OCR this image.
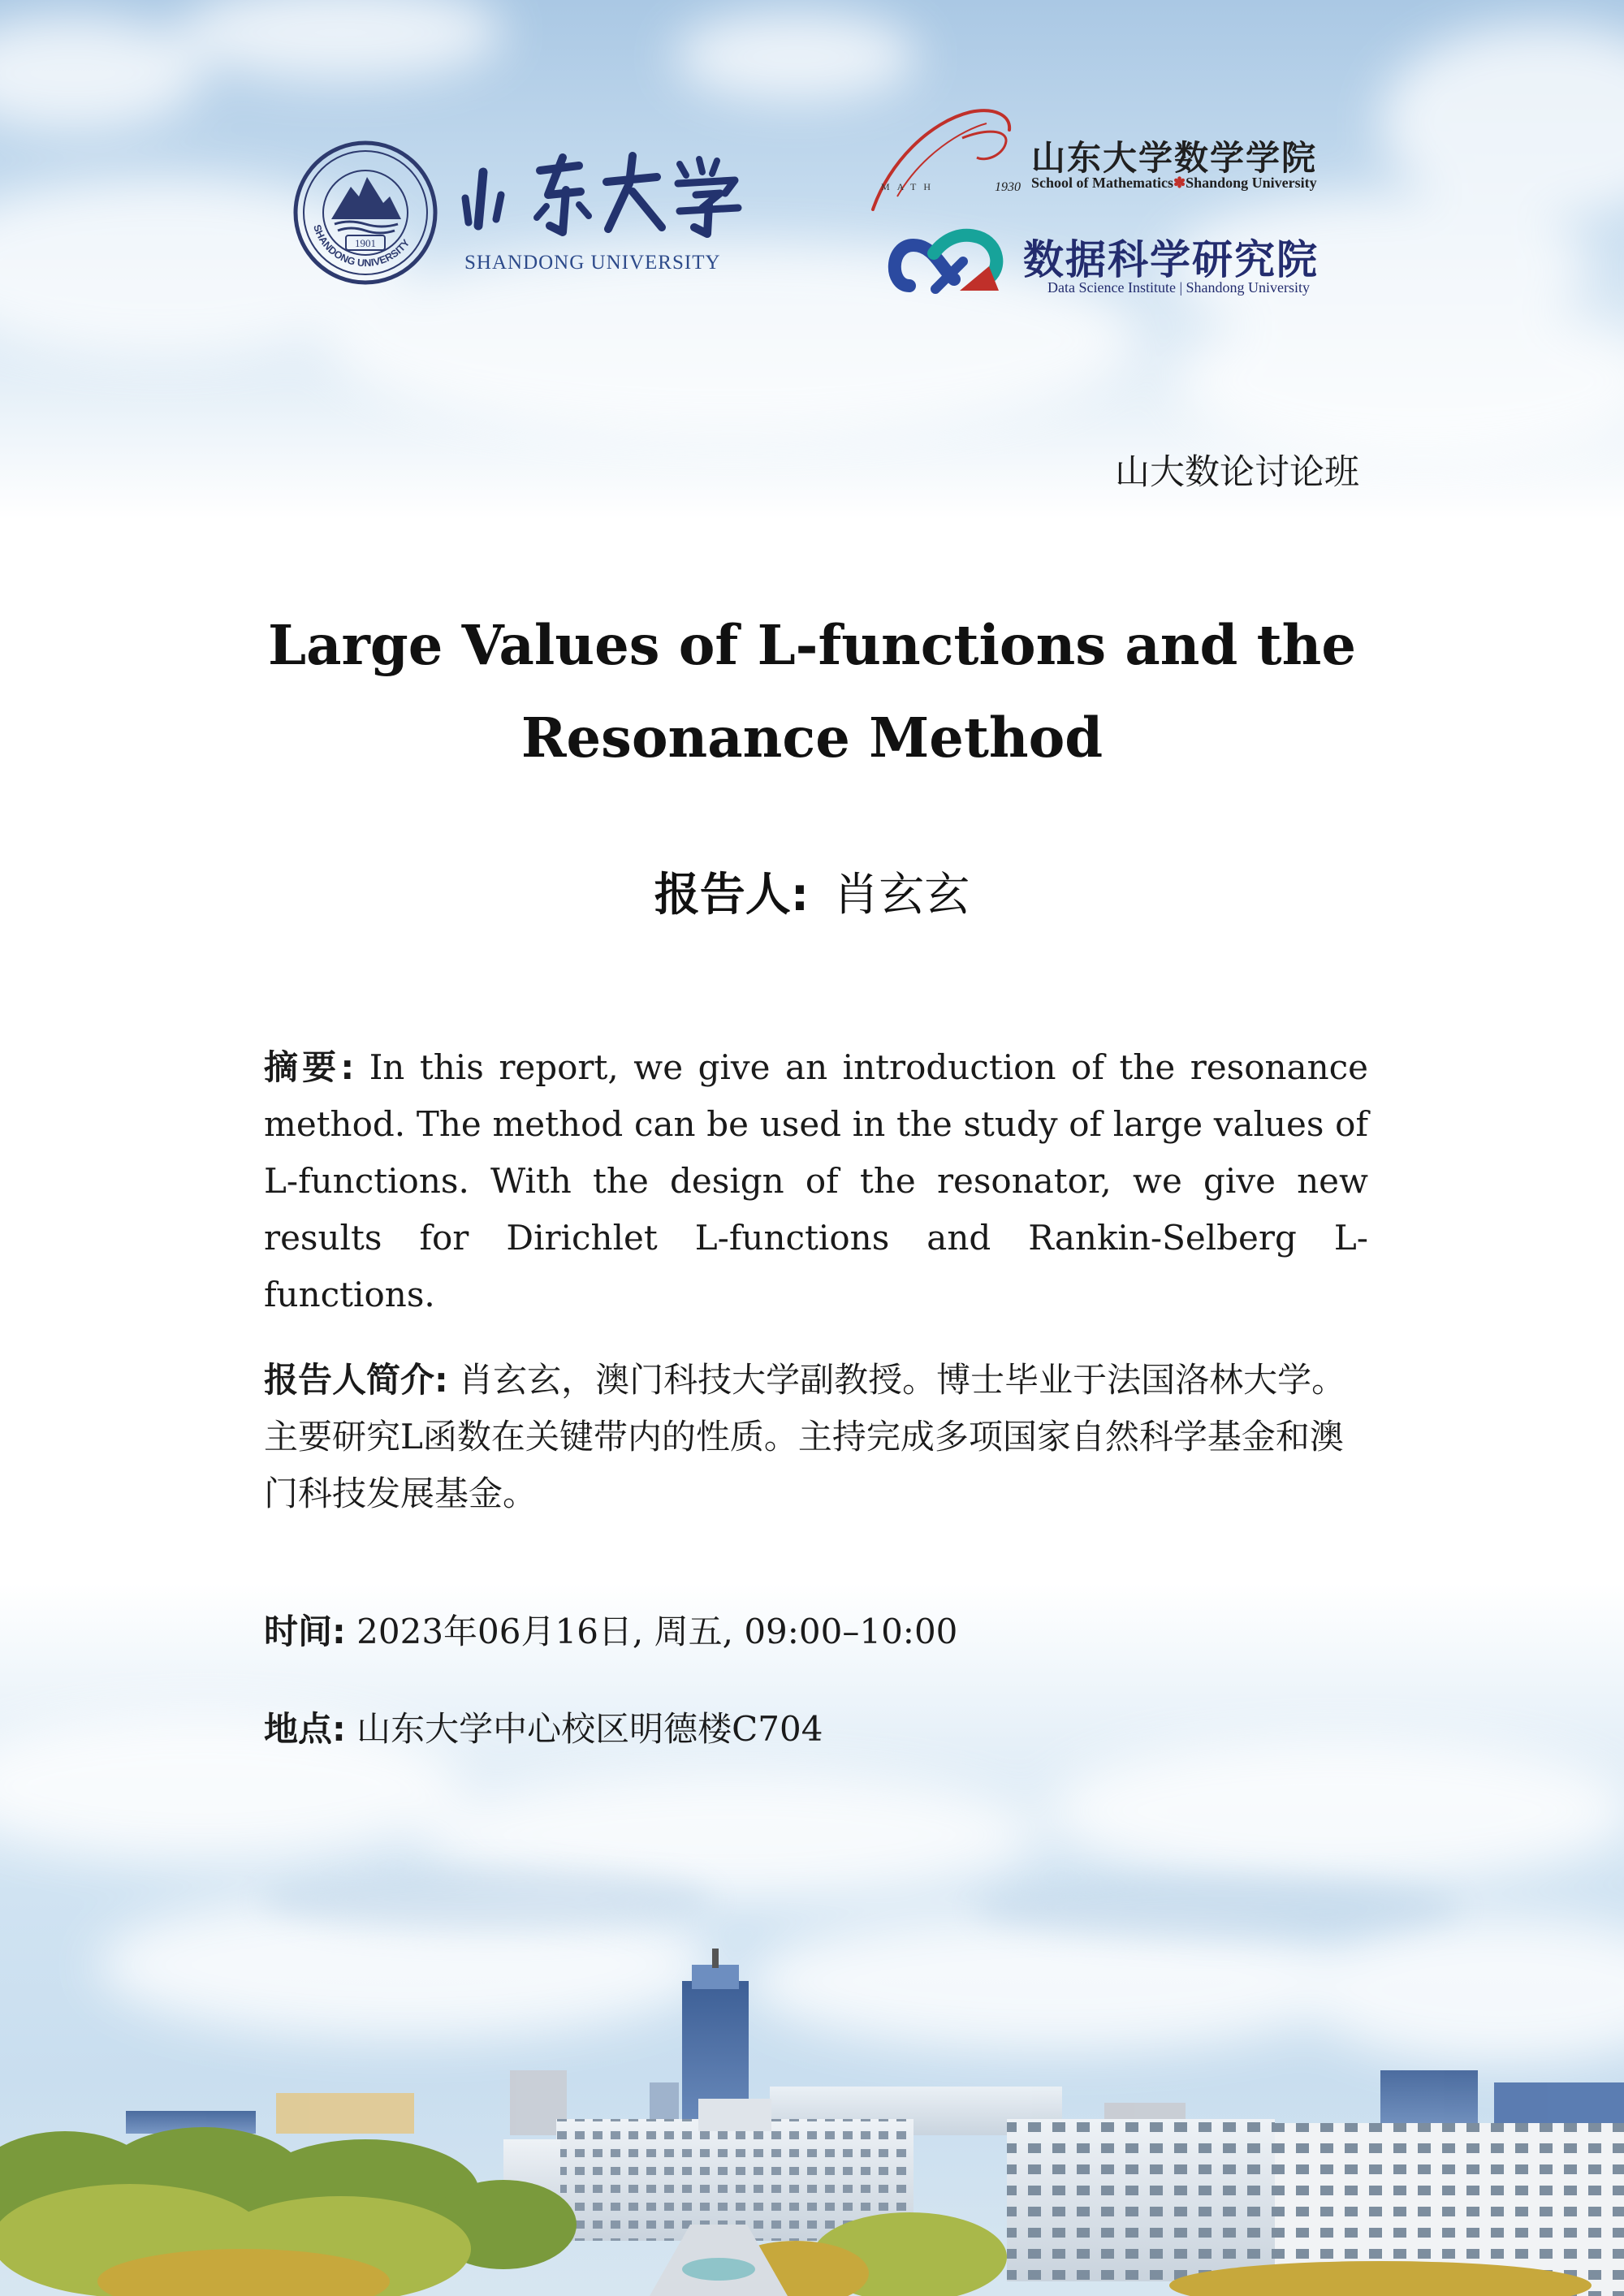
1901
SHANDONG UNIVERSITY
SHANDONG UNIVERSITY
MATH	1930
山东大学数学学院
School of Mathematics✽Shandong University
数据科学研究院
Data Science Institute | Shandong University
山大数论讨论班
Large Values of L-functions and the
Resonance Method
报告人: 肖玄玄
摘要: In this report, we give an introduction of the resonance method. The method can be used in the study of large values of L-functions. With the design of the resonator, we give new results for Dirichlet L-functions and Rankin-Selberg L-functions.
报告人简介: 肖玄玄，澳门科技大学副教授。博士毕业于法国洛林大学。主要研究L函数在关键带内的性质。主持完成多项国家自然科学基金和澳门科技发展基金。
时间: 2023年06月16日, 周五, 09:00–10:00
地点: 山东大学中心校区明德楼C704
